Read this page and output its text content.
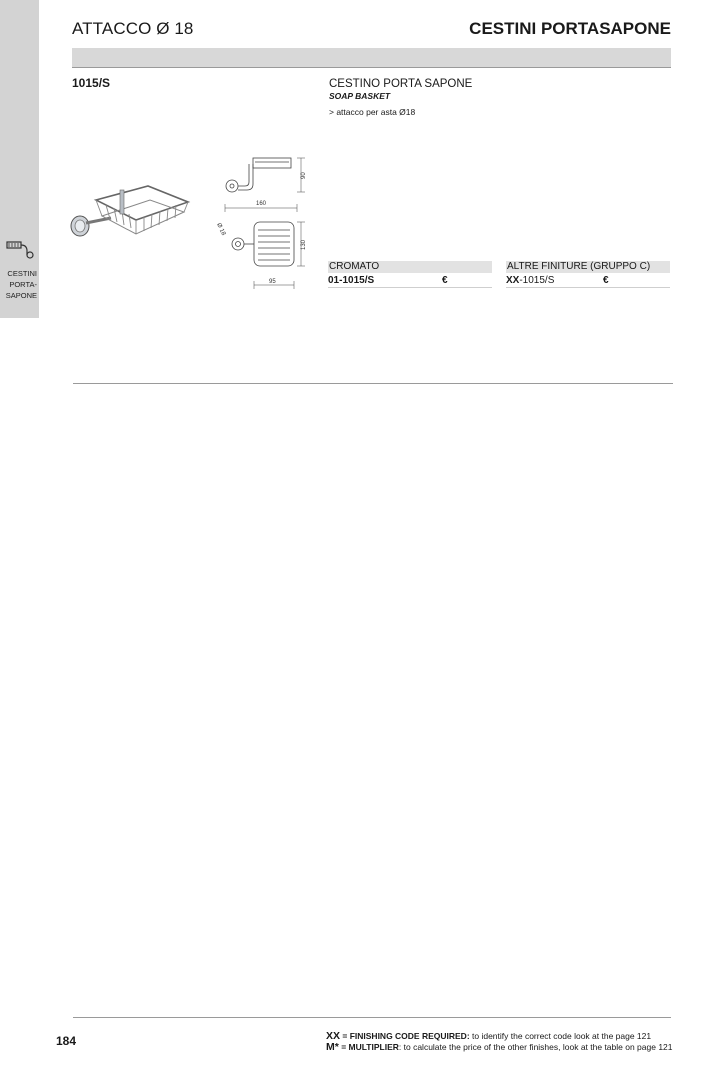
CESTINI
PORTA-
SAPONE
ATTACCO Ø 18	CESTINI PORTASAPONE
1015/S	CESTINO PORTA SAPONE
SOAP BASKET
> attacco per asta Ø18
90
160
130
95
Ø 18
CROMATO
01-1015/S	€
ALTRE FINITURE (GRUPPO C)
XX-1015/S	€
184	XX = FINISHING CODE REQUIRED: to identify the correct code look at the page 121
M* = MULTIPLIER: to calculate the price of the other finishes, look at the table on page 121
